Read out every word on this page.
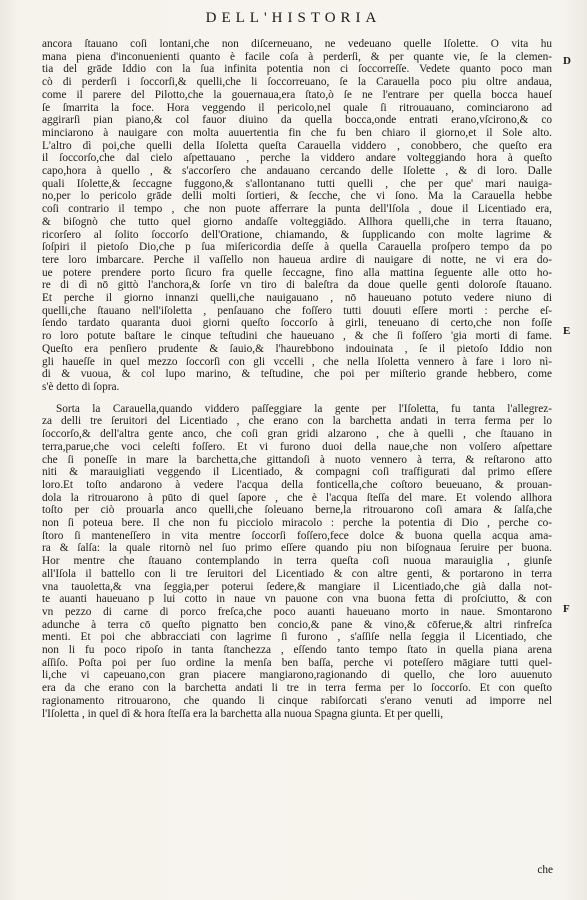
DELL'HISTORIA
D
E
F
ancora ſtauano coſi lontani,che non diſcerneuano, ne vedeuano quelle Iſolette. O vita hu
mana piena d'inconuenienti quanto è facile coſa à perderſi, & per quante vie, ſe la clemen-
tia del grāde Iddio con la ſua infinita potentia non ci ſoccorreſſe. Vedete quanto poco man
cò di perderſi i ſoccorſi,& quelli,che li ſoccorreuano, ſe la Carauella poco piu oltre andaua,
come il parere del Pilotto,che la gouernaua,era ſtato,ò ſe ne l'entrare per quella bocca haueſ
ſe ſmarrita la foce. Hora veggendo il pericolo,nel quale ſi ritrouauano, cominciarono ad
aggirarſi pian piano,& col fauor diuino da quella bocca,onde entrati erano,vſcirono,& co
minciarono à nauigare con molta auuertentia fin che fu ben chiaro il giorno,et il Sole alto.
L'altro dì poi,che quelli della Iſoletta queſta Carauella viddero , conobbero, che queſto era
il ſoccorſo,che dal cielo aſpettauano , perche la viddero andare volteggiando hora à queſto
capo,hora à quello , & s'accorſero che andauano cercando delle Iſolette , & di loro. Dalle
quali Iſolette,& ſeccagne fuggono,& s'allontanano tutti quelli , che per que' mari nauiga-
no,per lo pericolo grāde delli molti ſortieri, & ſecche, che vi ſono. Ma la Carauella hebbe
coſi contrario il tempo , che non puote afferrare la punta dell'Iſola , doue il Licentiado era,
& biſognò che tutto quel giorno andaſſe volteggiādo. Allhora quelli,che in terra ſtauano,
ricorſero al ſolito ſoccorſo dell'Oratione, chiamando, & ſupplicando con molte lagrime &
ſoſpiri il pietoſo Dio,che p ſua miſericordia deſſe à quella Carauella proſpero tempo da po
tere loro imbarcare. Perche il vaſſello non haueua ardire di nauigare di notte, ne vi era do-
ue potere prendere porto ſicuro fra quelle ſeccagne, fino alla mattina ſeguente alle otto ho-
re di dì nō gittò l'anchora,& ſorſe vn tiro di baleſtra da doue quelle genti doloroſe ſtauano.
Et perche il giorno innanzi quelli,che nauigauano , nō haueuano potuto vedere niuno di
quelli,che ſtauano nell'iſoletta , penſauano che foſſero tutti douuti eſſere morti : perche eſ-
ſendo tardato quaranta duoi giorni queſto ſoccorſo à girli, teneuano di certo,che non foſſe
ro loro potute baſtare le cinque teſtudini che haueuano , & che ſi foſſero 'gia morti di fame.
Queſto era penſiero prudente & ſauio,& l'haurebbono indouinata , ſe il pietoſo Iddio non
gli haueſſe in quel mezzo ſoccorſi con gli vccelli , che nella Iſoletta vennero à fare i loro nì-
di & vuoua, & col lupo marino, & teſtudine, che poi per miſterio grande hebbero, come
s'è detto di ſopra.
Sorta la Carauella,quando viddero paſſeggiare la gente per l'Iſoletta, fu tanta l'allegrez-
za delli tre ſeruitori del Licentiado , che erano con la barchetta andati in terra ferma per lo
ſoccorſo,& dell'altra gente anco, che coſi gran gridi alzarono , che à quelli , che ſtauano in
terra,parue,che voci celeſti foſſero. Et vi furono duoi della naue,che non volſero aſpettare
che ſi poneſſe in mare la barchetta,che gittandoſi à nuoto vennero à terra, & reſtarono atto
niti & marauigliati veggendo il Licentiado, & compagni coſi traſfigurati dal primo eſſere
loro.Et toſto andarono à vedere l'acqua della fonticella,che coſtoro beueuano, & prouan-
dola la ritrouarono à pūto di quel ſapore , che è l'acqua ſteſſa del mare. Et volendo allhora
toſto per ciò prouarla anco quelli,che ſoleuano berne,la ritrouarono coſi amara & ſalſa,che
non ſi poteua bere. Il che non fu picciolo miracolo : perche la potentia di Dio , perche co-
ſtoro ſi manteneſſero in vita mentre ſoccorſi foſſero,fece dolce & buona quella acqua ama-
ra & ſalſa: la quale ritornò nel ſuo primo eſſere quando piu non biſognaua ſeruire per buona.
Hor mentre che ſtauano contemplando in terra queſta coſi nuoua marauiglia , giunſe
all'Iſola il battello con li tre ſeruitori del Licentiado & con altre genti, & portarono in terra
vna tauoletta,& vna ſeggia,per poterui ſedere,& mangiare il Licentiado,che già dalla not-
te auanti haueuano p lui cotto in naue vn pauone con vna buona fetta di proſciutto, & con
vn pezzo di carne di porco freſca,che poco auanti haueuano morto in naue. Smontarono
adunche à terra cō queſto pignatto ben concio,& pane & vino,& cōferue,& altri rinfreſca
menti. Et poi che abbracciati con lagrime ſi furono , s'aſſiſe nella ſeggia il Licentiado, che
non li fu poco ripoſo in tanta ſtanchezza , eſſendo tanto tempo ſtato in quella piana arena
aſſiſo. Poſta poi per ſuo ordine la menſa ben baſſa, perche vi poteſſero māgiare tutti quel-
li,che vi capeuano,con gran piacere mangiarono,ragionando di quello, che loro auuenuto
era da che erano con la barchetta andati li tre in terra ferma per lo ſoccorſo. Et con queſto
ragionamento ritrouarono, che quando li cinque rabiſorcati s'erano venuti ad imporre nel
l'Iſoletta , in quel dì & hora ſteſſa era la barchetta alla nuoua Spagna giunta. Et per quelli,
che
